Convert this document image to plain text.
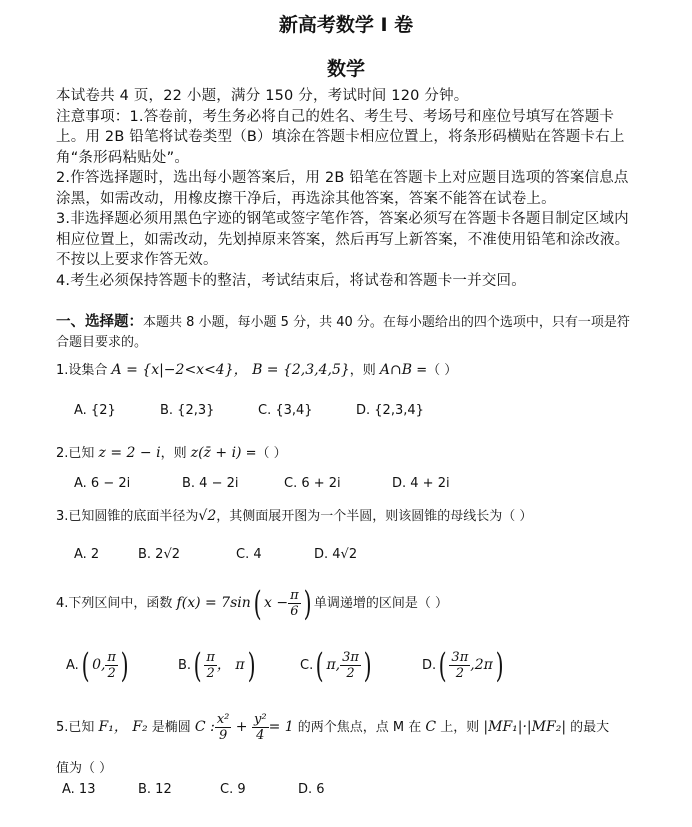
新高考数学 I 卷
数学
本试卷共 4 页，22 小题，满分 150 分，考试时间 120 分钟。
注意事项：1.答卷前，考生务必将自己的姓名、考生号、考场号和座位号填写在答题卡上。用 2B 铅笔将试卷类型（B）填涂在答题卡相应位置上，将条形码横贴在答题卡右上角“条形码粘贴处”。
2.作答选择题时，选出每小题答案后，用 2B 铅笔在答题卡上对应题目选项的答案信息点涂黑，如需改动，用橡皮擦干净后，再选涂其他答案，答案不能答在试卷上。
3.非选择题必须用黑色字迹的钢笔或签字笔作答，答案必须写在答题卡各题目制定区域内相应位置上，如需改动，先划掉原来答案，然后再写上新答案，不准使用铅笔和涂改液。不按以上要求作答无效。
4.考生必须保持答题卡的整洁，考试结束后，将试卷和答题卡一并交回。
一、选择题：本题共 8 小题，每小题 5 分，共 40 分。在每小题给出的四个选项中，只有一项是符合题目要求的。
1.设集合 A = {x|−2<x<4}， B = {2,3,4,5}，则 A∩B =（ ）
A. {2}	B. {2,3}	C. {3,4}	D. {2,3,4}
2.已知 z = 2 − i，则 z(z̄ + i) =（ ）
A. 6 − 2i	B. 4 − 2i	C. 6 + 2i	D. 4 + 2i
3.已知圆锥的底面半径为√2，其侧面展开图为一个半圆，则该圆锥的母线长为（ ）
A. 2	B. 2√2	C. 4	D. 4√2
4.下列区间中，函数 f(x) = 7sin( $x - \frac{\pi}{6}$ ) 单调递增的区间是（ ）
A.( 0, $\frac{\pi}{2}$ )	$B.( \frac{\pi}{2}$ ， π)	C.( π, $\frac{3\pi}{2}$ )	$D.( \frac{3\pi}{2} ,2\pi)$
5.已知 F₁， F₂ 是椭圆 C : $\frac{\text{x²}}{9} + \frac{\text{y²}}{4} = 1$ 的两个焦点，点 M 在 C 上，则 |MF₁|·|MF₂| 的最大
值为（ ）
A. 13	B. 12	C. 9	D. 6
